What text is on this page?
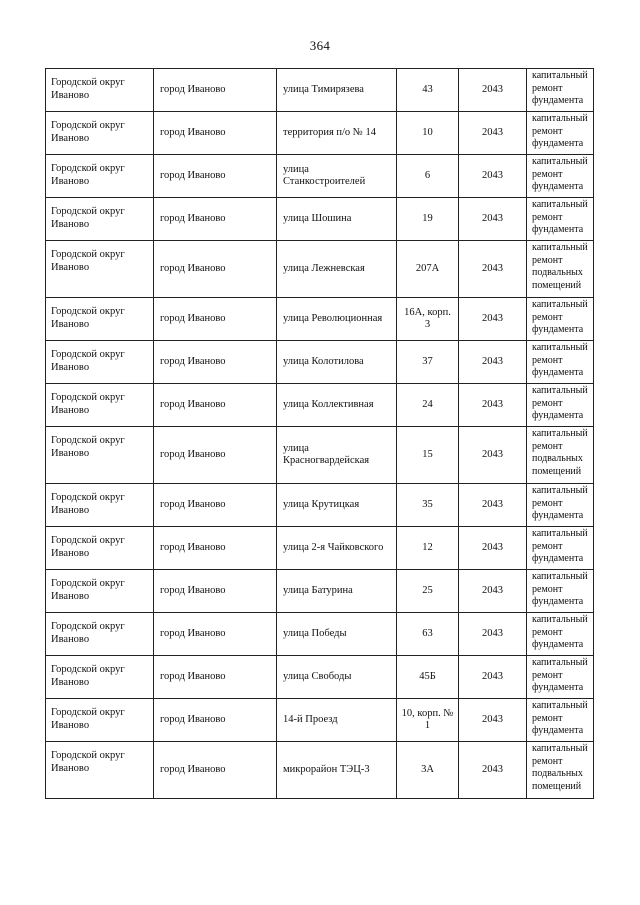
364
Городской округ Иваново	город Иваново	улица Тимирязева	43	2043	капитальный ремонт фундамента
Городской округ Иваново	город Иваново	территория п/о № 14	10	2043	капитальный ремонт фундамента
Городской округ Иваново	город Иваново	улица Станкостроителей	6	2043	капитальный ремонт фундамента
Городской округ Иваново	город Иваново	улица Шошина	19	2043	капитальный ремонт фундамента
Городской округ Иваново	город Иваново	улица Лежневская	207А	2043	капитальный ремонт подвальных помещений
Городской округ Иваново	город Иваново	улица Революционная	16А, корп. 3	2043	капитальный ремонт фундамента
Городской округ Иваново	город Иваново	улица Колотилова	37	2043	капитальный ремонт фундамента
Городской округ Иваново	город Иваново	улица Коллективная	24	2043	капитальный ремонт фундамента
Городской округ Иваново	город Иваново	улица Красногвардейская	15	2043	капитальный ремонт подвальных помещений
Городской округ Иваново	город Иваново	улица Крутицкая	35	2043	капитальный ремонт фундамента
Городской округ Иваново	город Иваново	улица 2-я Чайковского	12	2043	капитальный ремонт фундамента
Городской округ Иваново	город Иваново	улица Батурина	25	2043	капитальный ремонт фундамента
Городской округ Иваново	город Иваново	улица Победы	63	2043	капитальный ремонт фундамента
Городской округ Иваново	город Иваново	улица Свободы	45Б	2043	капитальный ремонт фундамента
Городской округ Иваново	город Иваново	14-й Проезд	10, корп. № 1	2043	капитальный ремонт фундамента
Городской округ Иваново	город Иваново	микрорайон ТЭЦ-3	3А	2043	капитальный ремонт подвальных помещений
